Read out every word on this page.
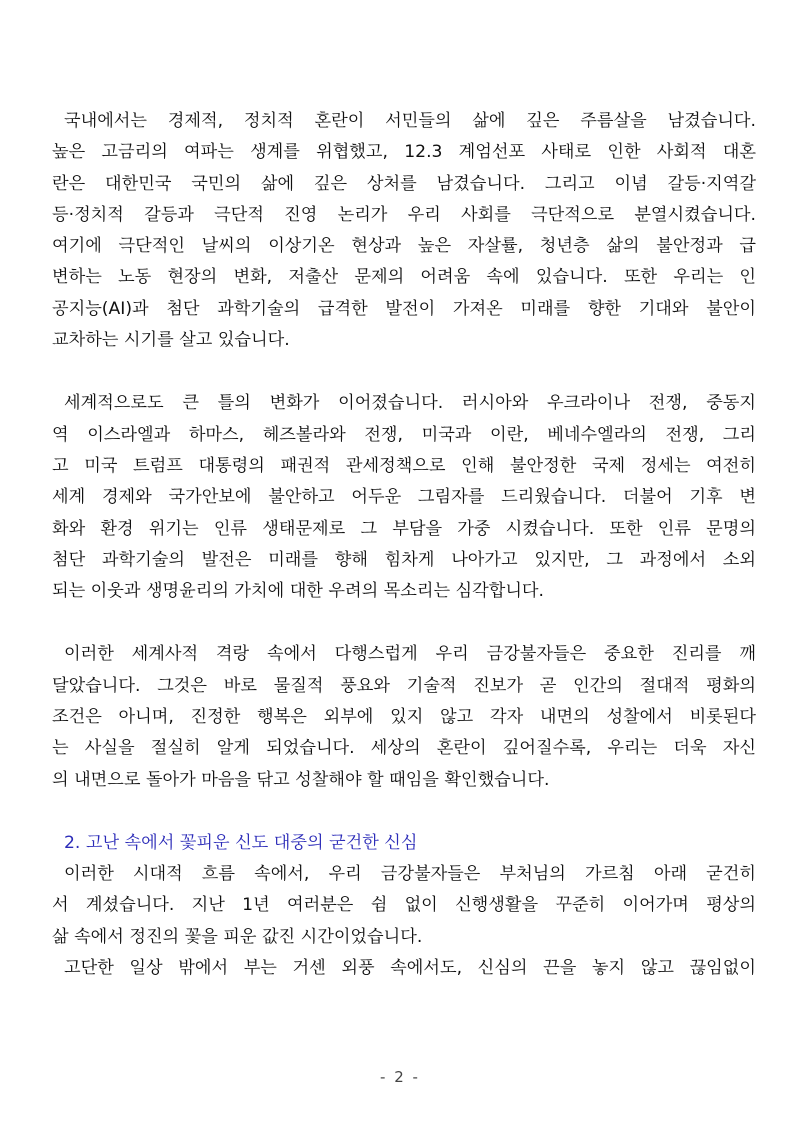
국내에서는 경제적, 정치적 혼란이 서민들의 삶에 깊은 주름살을 남겼습니다.
높은 고금리의 여파는 생계를 위협했고, 12.3 계엄선포 사태로 인한 사회적 대혼
란은 대한민국 국민의 삶에 깊은 상처를 남겼습니다. 그리고 이념 갈등·지역갈
등·정치적 갈등과 극단적 진영 논리가 우리 사회를 극단적으로 분열시켰습니다.
여기에 극단적인 날씨의 이상기온 현상과 높은 자살률, 청년층 삶의 불안정과 급
변하는 노동 현장의 변화, 저출산 문제의 어려움 속에 있습니다. 또한 우리는 인
공지능(AI)과 첨단 과학기술의 급격한 발전이 가져온 미래를 향한 기대와 불안이
교차하는 시기를 살고 있습니다.
세계적으로도 큰 틀의 변화가 이어졌습니다. 러시아와 우크라이나 전쟁, 중동지
역 이스라엘과 하마스, 헤즈볼라와 전쟁, 미국과 이란, 베네수엘라의 전쟁, 그리
고 미국 트럼프 대통령의 패권적 관세정책으로 인해 불안정한 국제 정세는 여전히
세계 경제와 국가안보에 불안하고 어두운 그림자를 드리웠습니다. 더불어 기후 변
화와 환경 위기는 인류 생태문제로 그 부담을 가중 시켰습니다. 또한 인류 문명의
첨단 과학기술의 발전은 미래를 향해 힘차게 나아가고 있지만, 그 과정에서 소외
되는 이웃과 생명윤리의 가치에 대한 우려의 목소리는 심각합니다.
이러한 세계사적 격랑 속에서 다행스럽게 우리 금강불자들은 중요한 진리를 깨
달았습니다. 그것은 바로 물질적 풍요와 기술적 진보가 곧 인간의 절대적 평화의
조건은 아니며, 진정한 행복은 외부에 있지 않고 각자 내면의 성찰에서 비롯된다
는 사실을 절실히 알게 되었습니다. 세상의 혼란이 깊어질수록, 우리는 더욱 자신
의 내면으로 돌아가 마음을 닦고 성찰해야 할 때임을 확인했습니다.
2. 고난 속에서 꽃피운 신도 대중의 굳건한 신심
이러한 시대적 흐름 속에서, 우리 금강불자들은 부처님의 가르침 아래 굳건히
서 계셨습니다. 지난 1년 여러분은 쉼 없이 신행생활을 꾸준히 이어가며 평상의
삶 속에서 정진의 꽃을 피운 값진 시간이었습니다.
고단한 일상 밖에서 부는 거센 외풍 속에서도, 신심의 끈을 놓지 않고 끊임없이
- 2 -
